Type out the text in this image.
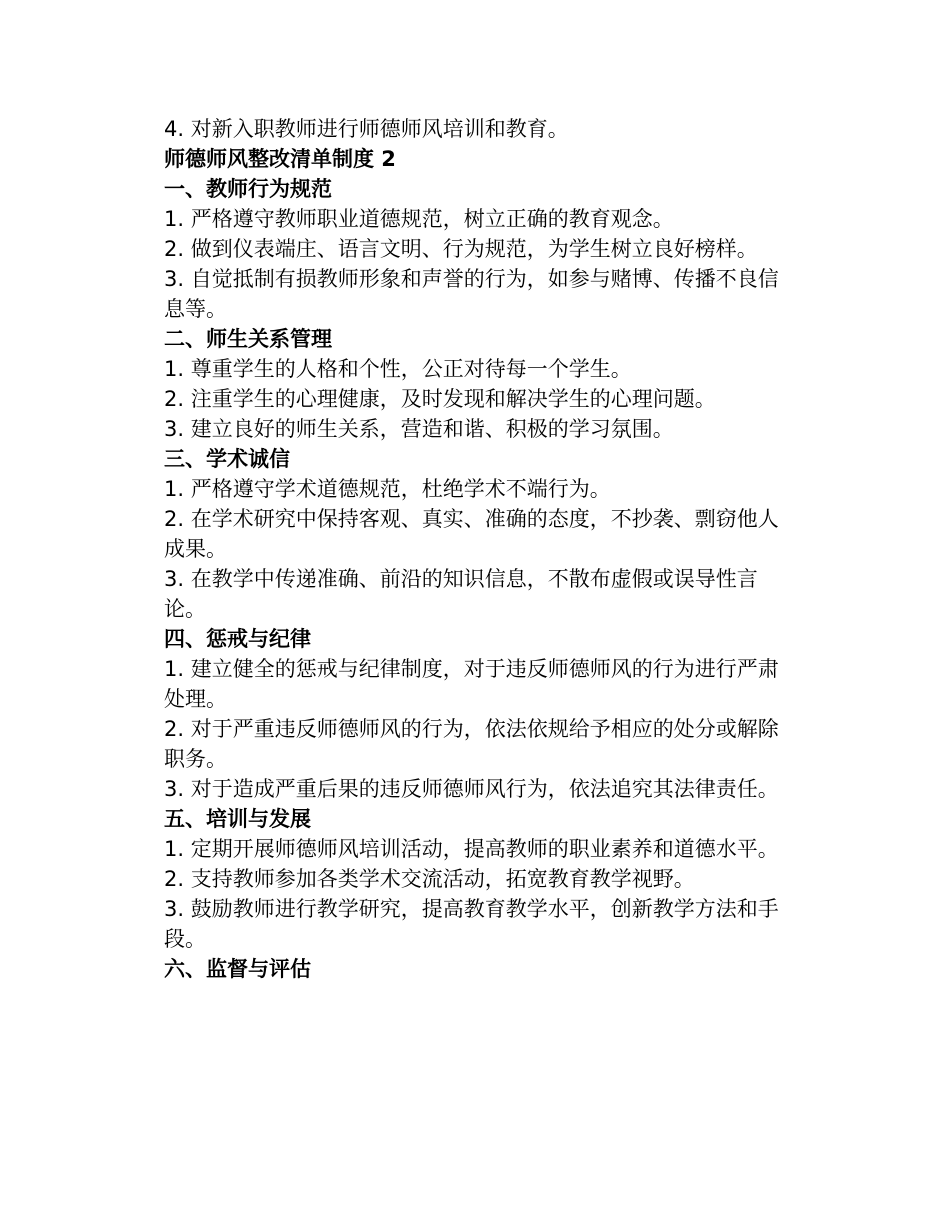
4. 对新入职教师进行师德师风培训和教育。

师德师风整改清单制度 2

一、教师行为规范

1. 严格遵守教师职业道德规范，树立正确的教育观念。

2. 做到仪表端庄、语言文明、行为规范，为学生树立良好榜样。

3. 自觉抵制有损教师形象和声誉的行为，如参与赌博、传播不良信息等。

二、师生关系管理

1. 尊重学生的人格和个性，公正对待每一个学生。

2. 注重学生的心理健康，及时发现和解决学生的心理问题。

3. 建立良好的师生关系，营造和谐、积极的学习氛围。

三、学术诚信

1. 严格遵守学术道德规范，杜绝学术不端行为。

2. 在学术研究中保持客观、真实、准确的态度，不抄袭、剽窃他人成果。

3. 在教学中传递准确、前沿的知识信息，不散布虚假或误导性言论。

四、惩戒与纪律

1. 建立健全的惩戒与纪律制度，对于违反师德师风的行为进行严肃处理。

2. 对于严重违反师德师风的行为，依法依规给予相应的处分或解除职务。

3. 对于造成严重后果的违反师德师风行为，依法追究其法律责任。

五、培训与发展

1. 定期开展师德师风培训活动，提高教师的职业素养和道德水平。

2. 支持教师参加各类学术交流活动，拓宽教育教学视野。

3. 鼓励教师进行教学研究，提高教育教学水平，创新教学方法和手段。

六、监督与评估
